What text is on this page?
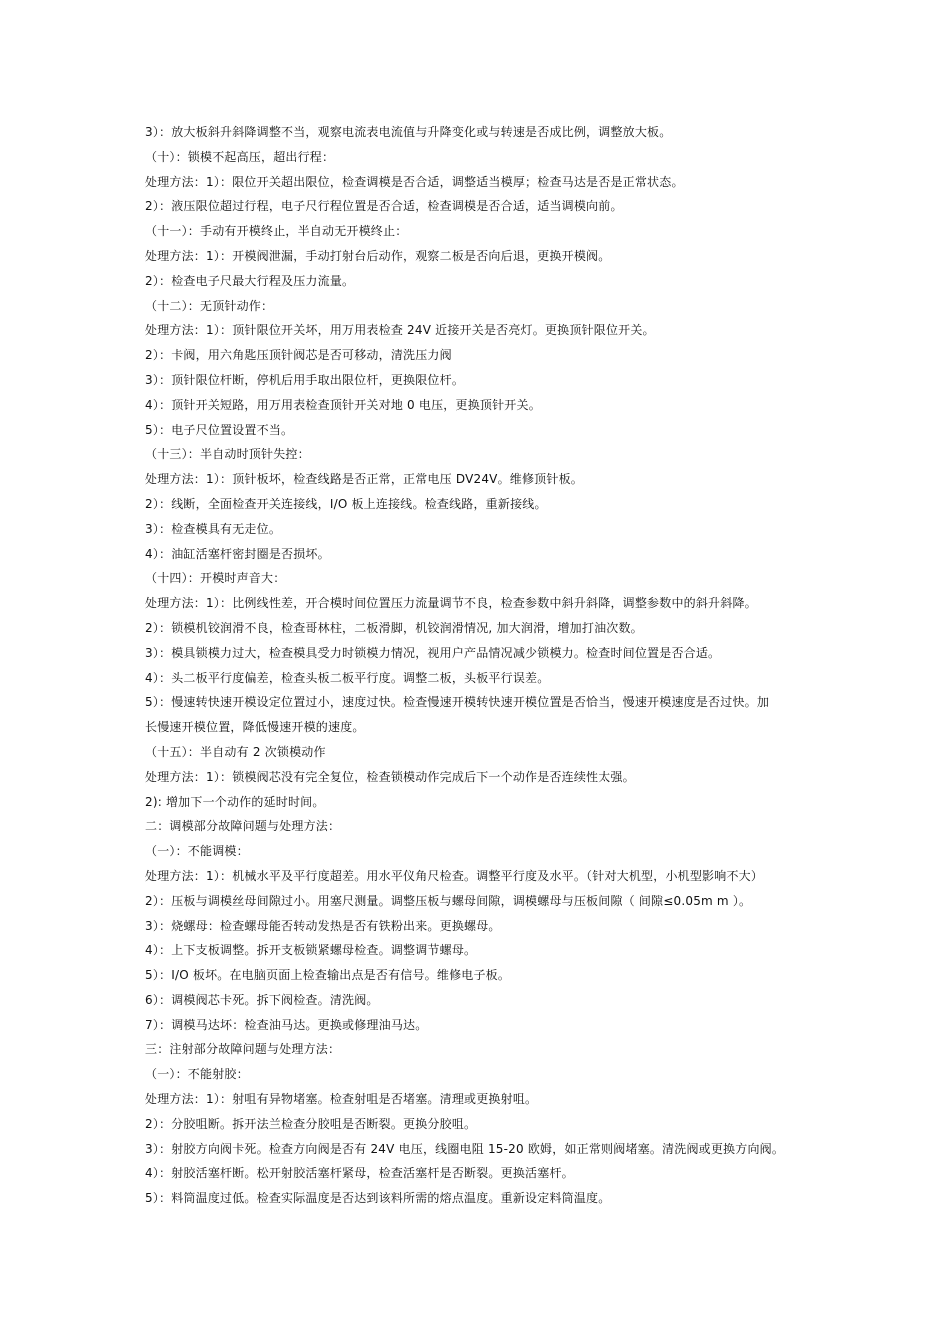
3）：放大板斜升斜降调整不当，观察电流表电流值与升降变化或与转速是否成比例，调整放大板。
（十）：锁模不起高压，超出行程：
处理方法：1）：限位开关超出限位，检查调模是否合适，调整适当模厚；检查马达是否是正常状态。
2）：液压限位超过行程，电子尺行程位置是否合适，检查调模是否合适，适当调模向前。
（十一）：手动有开模终止，半自动无开模终止：
处理方法：1）：开模阀泄漏，手动打射台后动作，观察二板是否向后退，更换开模阀。
2）：检查电子尺最大行程及压力流量。
（十二）：无顶针动作：
处理方法：1）：顶针限位开关坏，用万用表检查 24V 近接开关是否亮灯。更换顶针限位开关。
2）：卡阀，用六角匙压顶针阀芯是否可移动，清洗压力阀
3）：顶针限位杆断，停机后用手取出限位杆，更换限位杆。
4）：顶针开关短路，用万用表检查顶针开关对地 0 电压，更换顶针开关。
5）：电子尺位置设置不当。
（十三）：半自动时顶针失控：
处理方法：1）：顶针板坏，检查线路是否正常，正常电压 DV24V。维修顶针板。
2）：线断，全面检查开关连接线，I/O 板上连接线。检查线路，重新接线。
3）：检查模具有无走位。
4）：油缸活塞杆密封圈是否损坏。
（十四）：开模时声音大：
处理方法：1）：比例线性差，开合模时间位置压力流量调节不良，检查参数中斜升斜降，调整参数中的斜升斜降。
2）：锁模机铰润滑不良，检查哥林柱，二板滑脚，机铰润滑情况, 加大润滑，增加打油次数。
3）：模具锁模力过大，检查模具受力时锁模力情况，视用户产品情况减少锁模力。检查时间位置是否合适。
4）：头二板平行度偏差，检查头板二板平行度。调整二板，头板平行误差。
5）：慢速转快速开模设定位置过小，速度过快。检查慢速开模转快速开模位置是否恰当，慢速开模速度是否过快。加
长慢速开模位置，降低慢速开模的速度。
（十五）：半自动有 2 次锁模动作
处理方法：1）：锁模阀芯没有完全复位，检查锁模动作完成后下一个动作是否连续性太强。
2): 增加下一个动作的延时时间。
二：调模部分故障问题与处理方法：
（一）：不能调模：
处理方法：1）：机械水平及平行度超差。用水平仪角尺检查。调整平行度及水平。（针对大机型，小机型影响不大）
2）：压板与调模丝母间隙过小。用塞尺测量。调整压板与螺母间隙，调模螺母与压板间隙（ 间隙≤0.05m m ）。
3）：烧螺母：检查螺母能否转动发热是否有铁粉出来。更换螺母。
4）：上下支板调整。拆开支板锁紧螺母检查。调整调节螺母。
5）：I/O 板坏。在电脑页面上检查输出点是否有信号。维修电子板。
6）：调模阀芯卡死。拆下阀检查。清洗阀。
7）：调模马达坏：检查油马达。更换或修理油马达。
三：注射部分故障问题与处理方法：
（一）：不能射胶：
处理方法：1）：射咀有异物堵塞。检查射咀是否堵塞。清理或更换射咀。
2）：分胶咀断。拆开法兰检查分胶咀是否断裂。更换分胶咀。
3）：射胶方向阀卡死。检查方向阀是否有 24V 电压，线圈电阻 15-20 欧姆，如正常则阀堵塞。清洗阀或更换方向阀。
4）：射胶活塞杆断。松开射胶活塞杆紧母，检查活塞杆是否断裂。更换活塞杆。
5）：料筒温度过低。检查实际温度是否达到该料所需的熔点温度。重新设定料筒温度。
